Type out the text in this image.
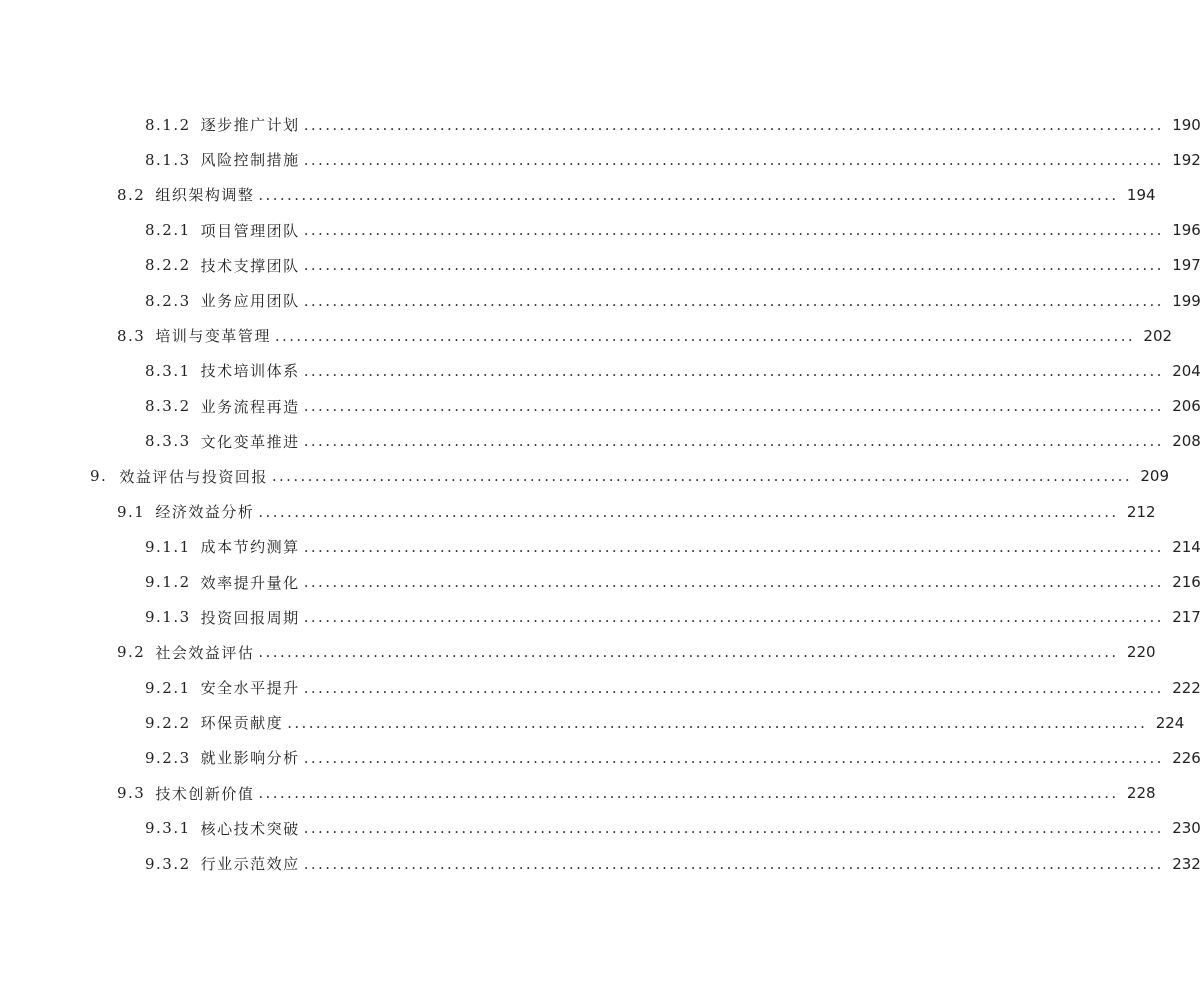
8.1.2 逐步推广计划 ........................................................................................................................ 190
8.1.3 风险控制措施 ........................................................................................................................ 192
8.2 组织架构调整 ........................................................................................................................ 194
8.2.1 项目管理团队 ........................................................................................................................ 196
8.2.2 技术支撑团队 ........................................................................................................................ 197
8.2.3 业务应用团队 ........................................................................................................................ 199
8.3 培训与变革管理 ........................................................................................................................ 202
8.3.1 技术培训体系 ........................................................................................................................ 204
8.3.2 业务流程再造 ........................................................................................................................ 206
8.3.3 文化变革推进 ........................................................................................................................ 208
9. 效益评估与投资回报 ........................................................................................................................ 209
9.1 经济效益分析 ........................................................................................................................ 212
9.1.1 成本节约测算 ........................................................................................................................ 214
9.1.2 效率提升量化 ........................................................................................................................ 216
9.1.3 投资回报周期 ........................................................................................................................ 217
9.2 社会效益评估 ........................................................................................................................ 220
9.2.1 安全水平提升 ........................................................................................................................ 222
9.2.2 环保贡献度 ........................................................................................................................ 224
9.2.3 就业影响分析 ........................................................................................................................ 226
9.3 技术创新价值 ........................................................................................................................ 228
9.3.1 核心技术突破 ........................................................................................................................ 230
9.3.2 行业示范效应 ........................................................................................................................ 232
